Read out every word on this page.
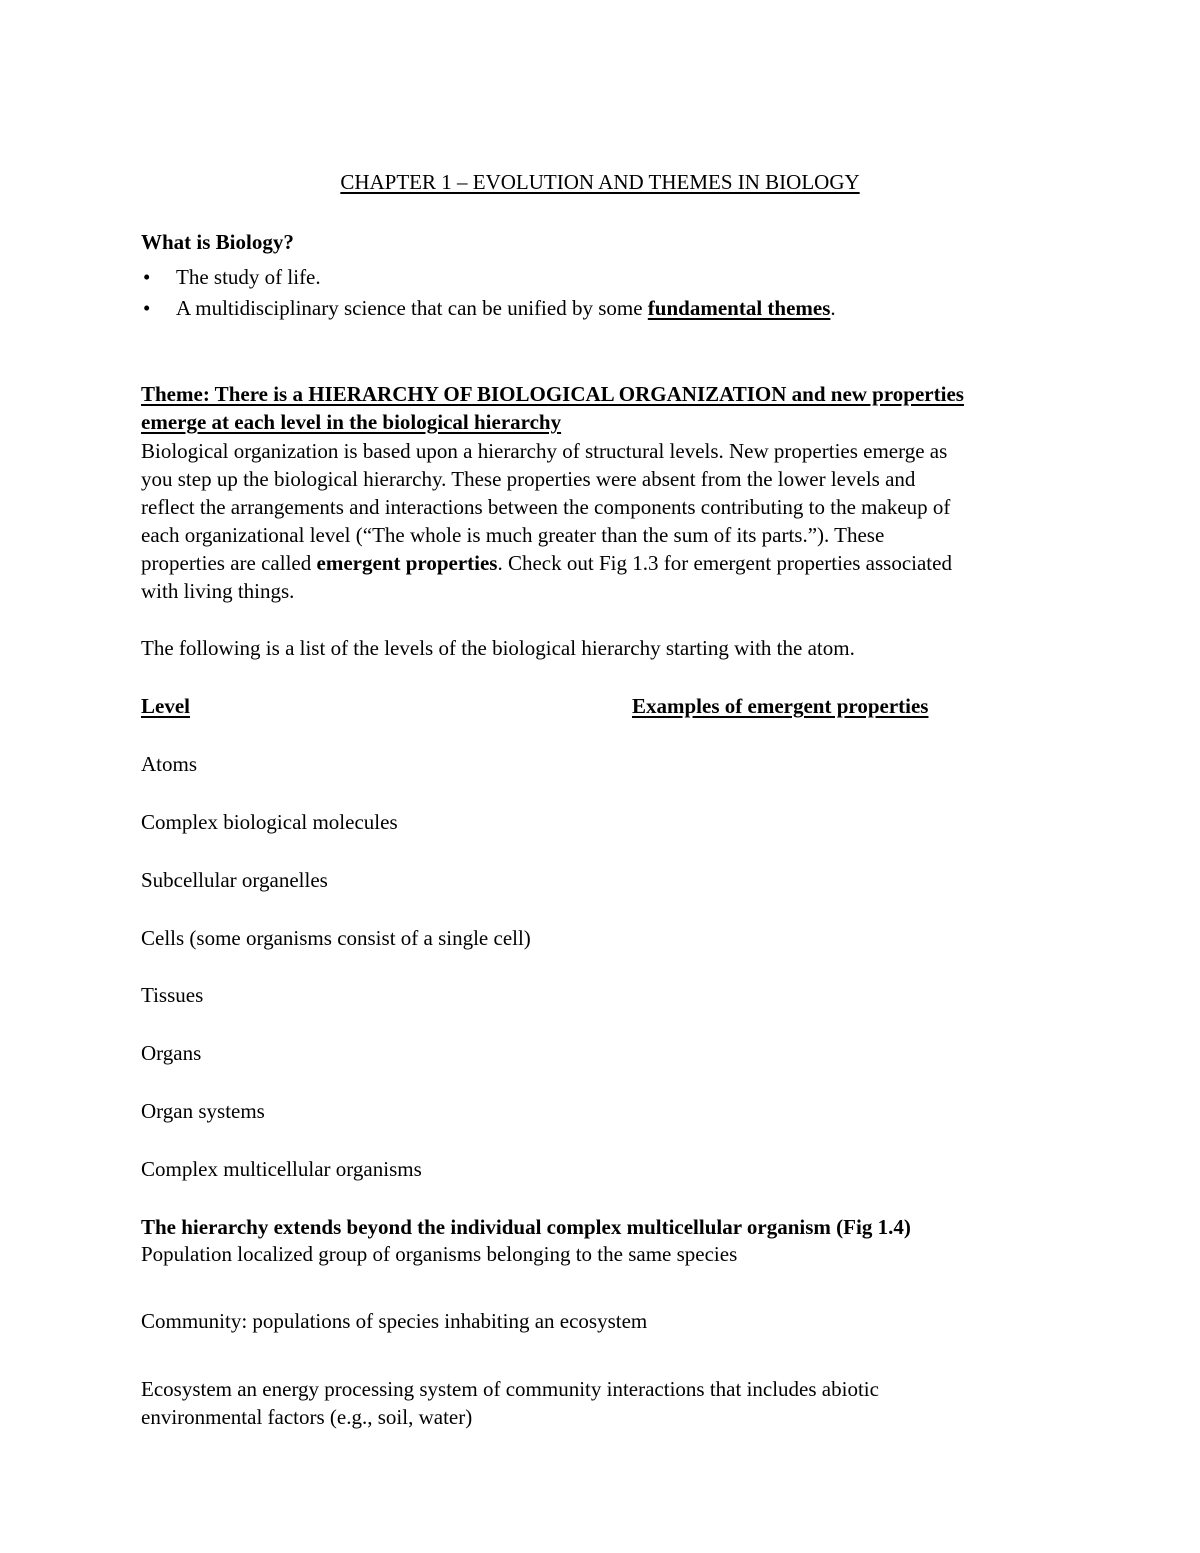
CHAPTER 1 – EVOLUTION AND THEMES IN BIOLOGY
What is Biology?
•	The study of life.
•	A multidisciplinary science that can be unified by some fundamental themes.
Theme: There is a HIERARCHY OF BIOLOGICAL ORGANIZATION and new properties
emerge at each level in the biological hierarchy
Biological organization is based upon a hierarchy of structural levels. New properties emerge as
you step up the biological hierarchy. These properties were absent from the lower levels and
reflect the arrangements and interactions between the components contributing to the makeup of
each organizational level (“The whole is much greater than the sum of its parts.”). These
properties are called emergent properties. Check out Fig 1.3 for emergent properties associated
with living things.
The following is a list of the levels of the biological hierarchy starting with the atom.
Level	Examples of emergent properties
Atoms
Complex biological molecules
Subcellular organelles
Cells (some organisms consist of a single cell)
Tissues
Organs
Organ systems
Complex multicellular organisms
The hierarchy extends beyond the individual complex multicellular organism (Fig 1.4)
Population localized group of organisms belonging to the same species
Community: populations of species inhabiting an ecosystem
Ecosystem an energy processing system of community interactions that includes abiotic
environmental factors (e.g., soil, water)
